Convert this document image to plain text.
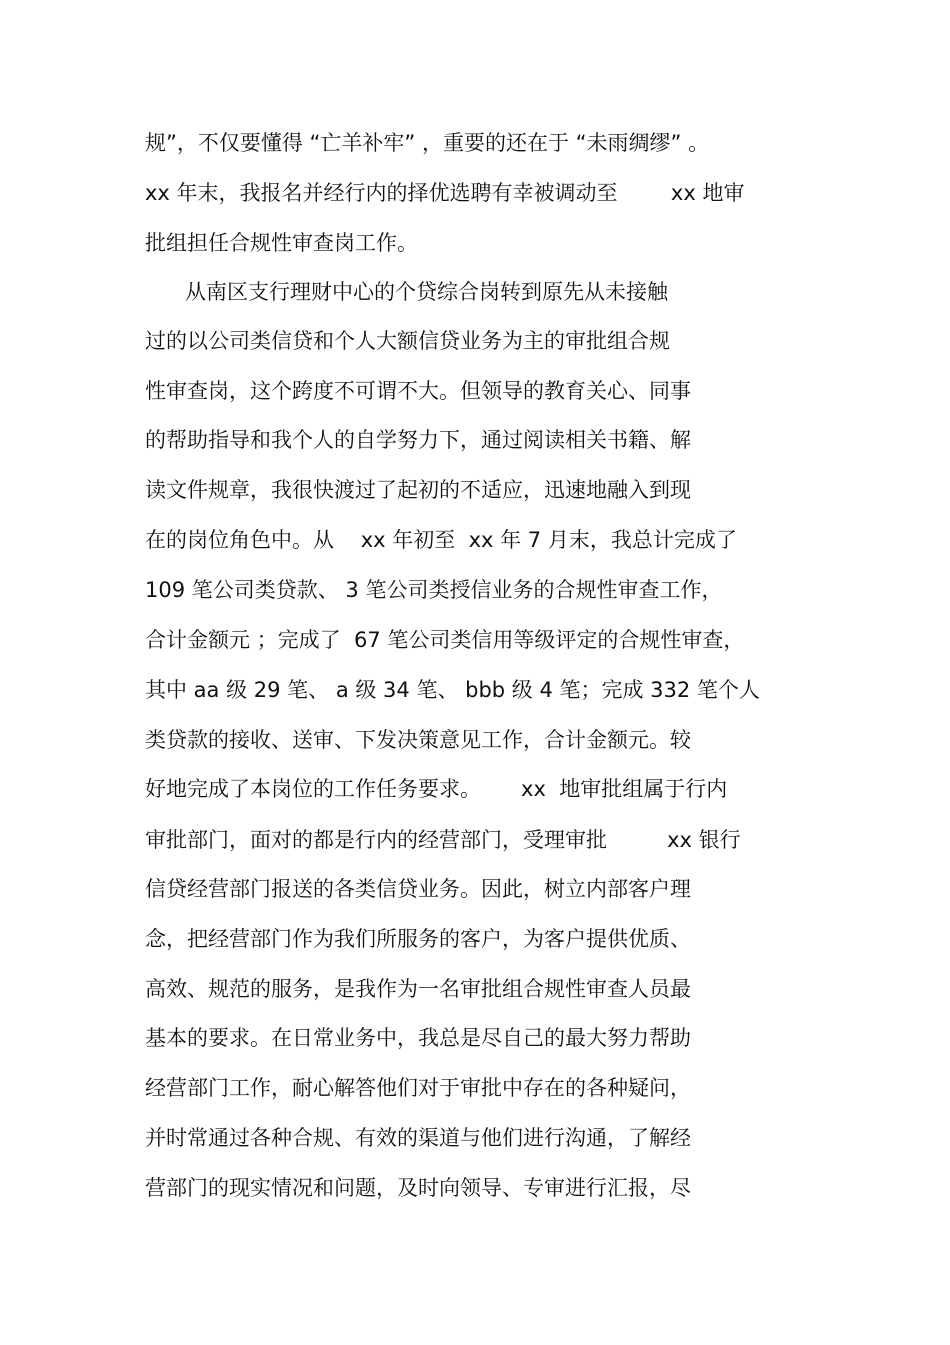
规”，不仅要懂得 “亡羊补牢” ，重要的还在于 “未雨绸缪” 。
xx 年末，我报名并经行内的择优选聘有幸被调动至        xx 地审
批组担任合规性审查岗工作。
从南区支行理财中心的个贷综合岗转到原先从未接触
过的以公司类信贷和个人大额信贷业务为主的审批组合规
性审查岗，这个跨度不可谓不大。但领导的教育关心、同事
的帮助指导和我个人的自学努力下，通过阅读相关书籍、解
读文件规章，我很快渡过了起初的不适应，迅速地融入到现
在的岗位角色中。从    xx 年初至  xx 年 7 月末，我总计完成了
109 笔公司类贷款、 3 笔公司类授信业务的合规性审查工作，
合计金额元 ；完成了  67 笔公司类信用等级评定的合规性审查，
其中 aa 级 29 笔、 a 级 34 笔、 bbb 级 4 笔；完成 332 笔个人
类贷款的接收、送审、下发决策意见工作，合计金额元。较
好地完成了本岗位的工作任务要求。      xx  地审批组属于行内
审批部门，面对的都是行内的经营部门，受理审批         xx 银行
信贷经营部门报送的各类信贷业务。因此，树立内部客户理
念，把经营部门作为我们所服务的客户，为客户提供优质、
高效、规范的服务，是我作为一名审批组合规性审查人员最
基本的要求。在日常业务中，我总是尽自己的最大努力帮助
经营部门工作，耐心解答他们对于审批中存在的各种疑问，
并时常通过各种合规、有效的渠道与他们进行沟通，了解经
营部门的现实情况和问题，及时向领导、专审进行汇报，尽
